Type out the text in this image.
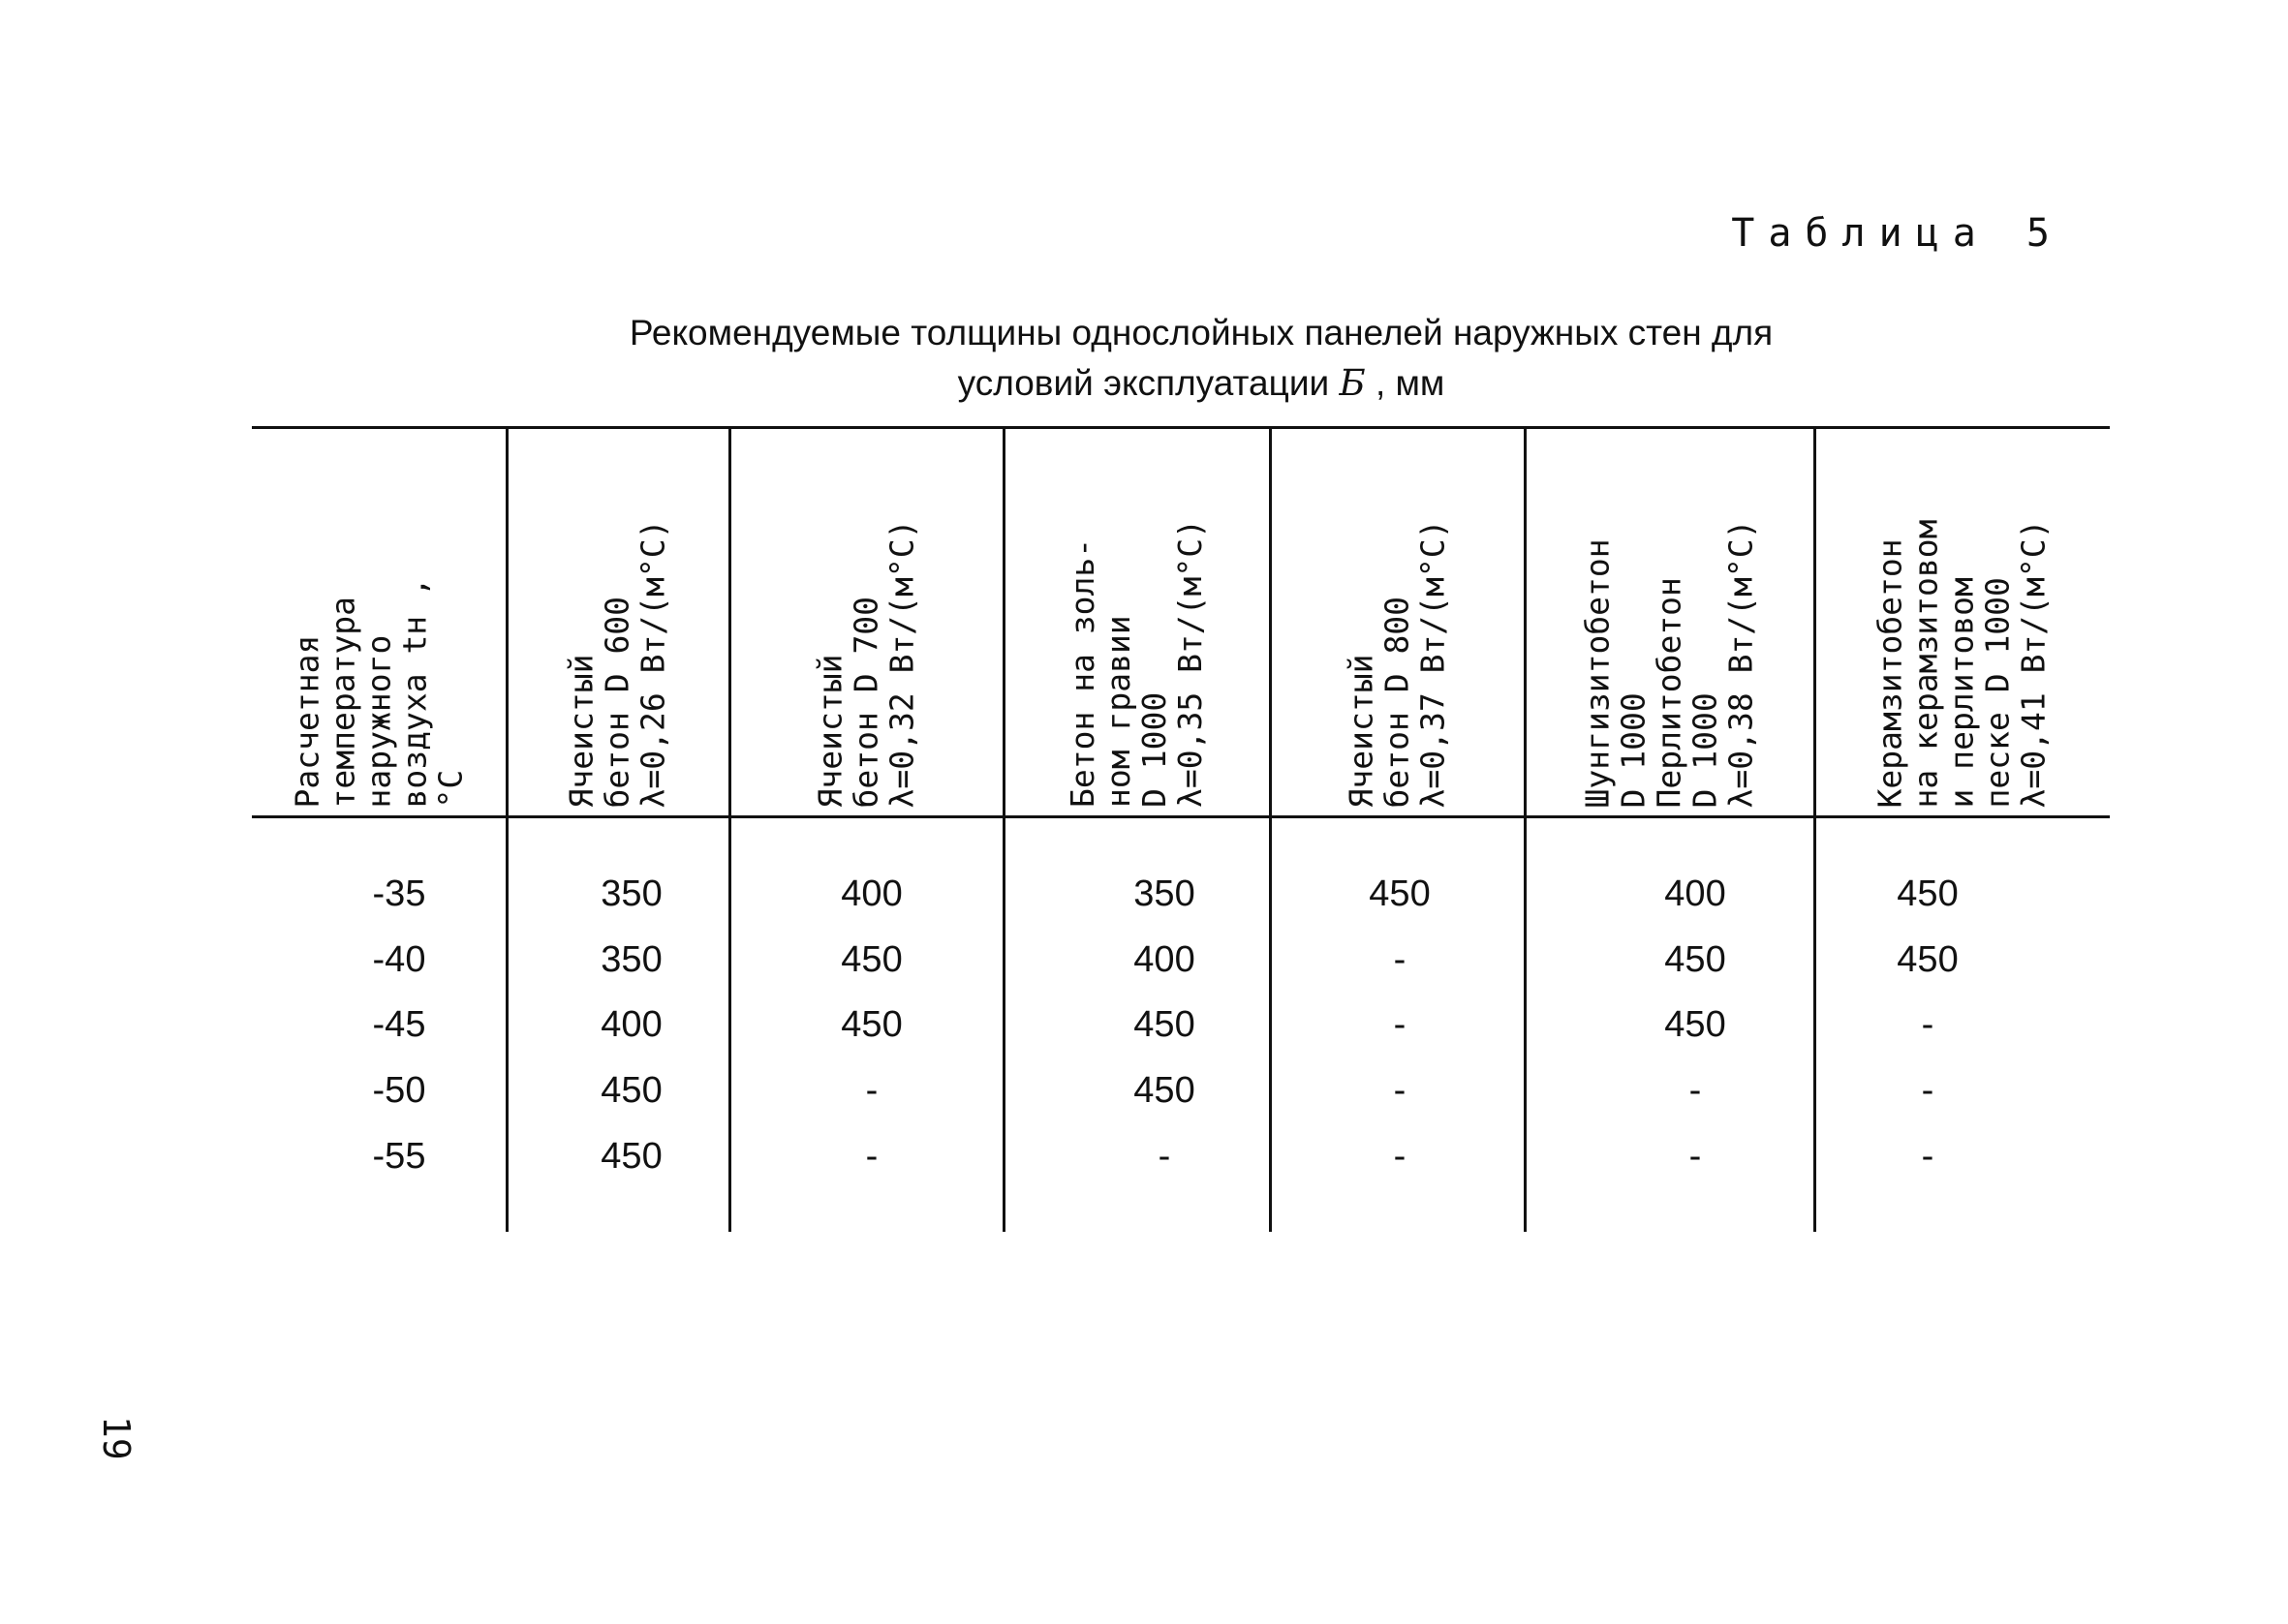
Таблица 5
Рекомендуемые толщины однослойных панелей наружных стен для
условий эксплуатации Б , мм
Расчетная
температура
наружного
воздуха tн ,
°C	Ячеистый
бетон D 600
λ=0,26 Вт/(м°С)	Ячеистый
бетон D 700
λ=0,32 Вт/(м°С)	Бетон на золь-
ном гравии
D 1000
λ=0,35 Вт/(м°С)	Ячеистый
бетон D 800
λ=0,37 Вт/(м°С)	Шунгизитобетон
D 1000
Перлитобетон
D 1000
λ=0,38 Вт/(м°С)	Керамзитобетон
на керамзитовом
и перлитовом
песке D 1000
λ=0,41 Вт/(м°С)
-35	350	400	350	450	400	450
-40	350	450	400	-	450	450
-45	400	450	450	-	450	-
-50	450	-	450	-	-	-
-55	450	-	-	-	-	-
19
